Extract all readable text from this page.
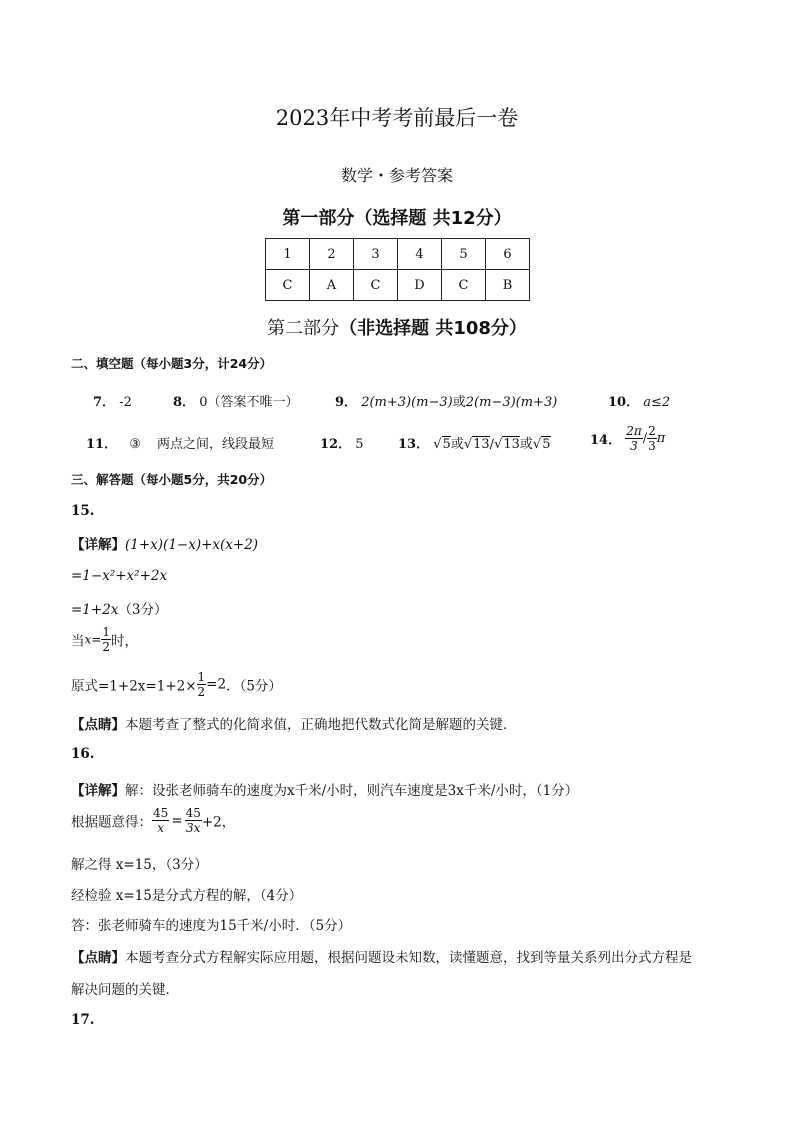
2023年中考考前最后一卷
数学・参考答案
第一部分（选择题 共12分）
1	2	3	4	5	6
C	A	C	D	C	B
第二部分（非选择题 共108分）
二、填空题（每小题3分，计24分）
7． -2	8． 0（答案不唯一）	9． 2(m+3)(m−3)或2(m−3)(m+3)	10． a≤2
11． ③ 两点之间，线段最短	12． 5	13． √5或√13/√13或√5	14． $\frac{2\pi}{3} / \frac{2}{3}$ π
三、解答题（每小题5分，共20分）
15.
【详解】(1+x)(1−x)+x(x+2)
=1−x²+x²+2x
=1+2x（3分）
当$x= \frac{1}{2}$ 时，
原式$=1+2x=1+2\times \frac{1}{2} =2$．（5分）
【点睛】本题考查了整式的化简求值，正确地把代数式化简是解题的关键．
16.
【详解】解：设张老师骑车的速度为x千米/小时，则汽车速度是3x千米/小时，（1分）
根据题意得： $\frac{45}{x} = \frac{45}{3x} +2$，
解之得 x=15，（3分）
经检验 x=15是分式方程的解，（4分）
答：张老师骑车的速度为15千米/小时．（5分）
【点睛】本题考查分式方程解实际应用题，根据问题设未知数，读懂题意，找到等量关系列出分式方程是
解决问题的关键．
17.
